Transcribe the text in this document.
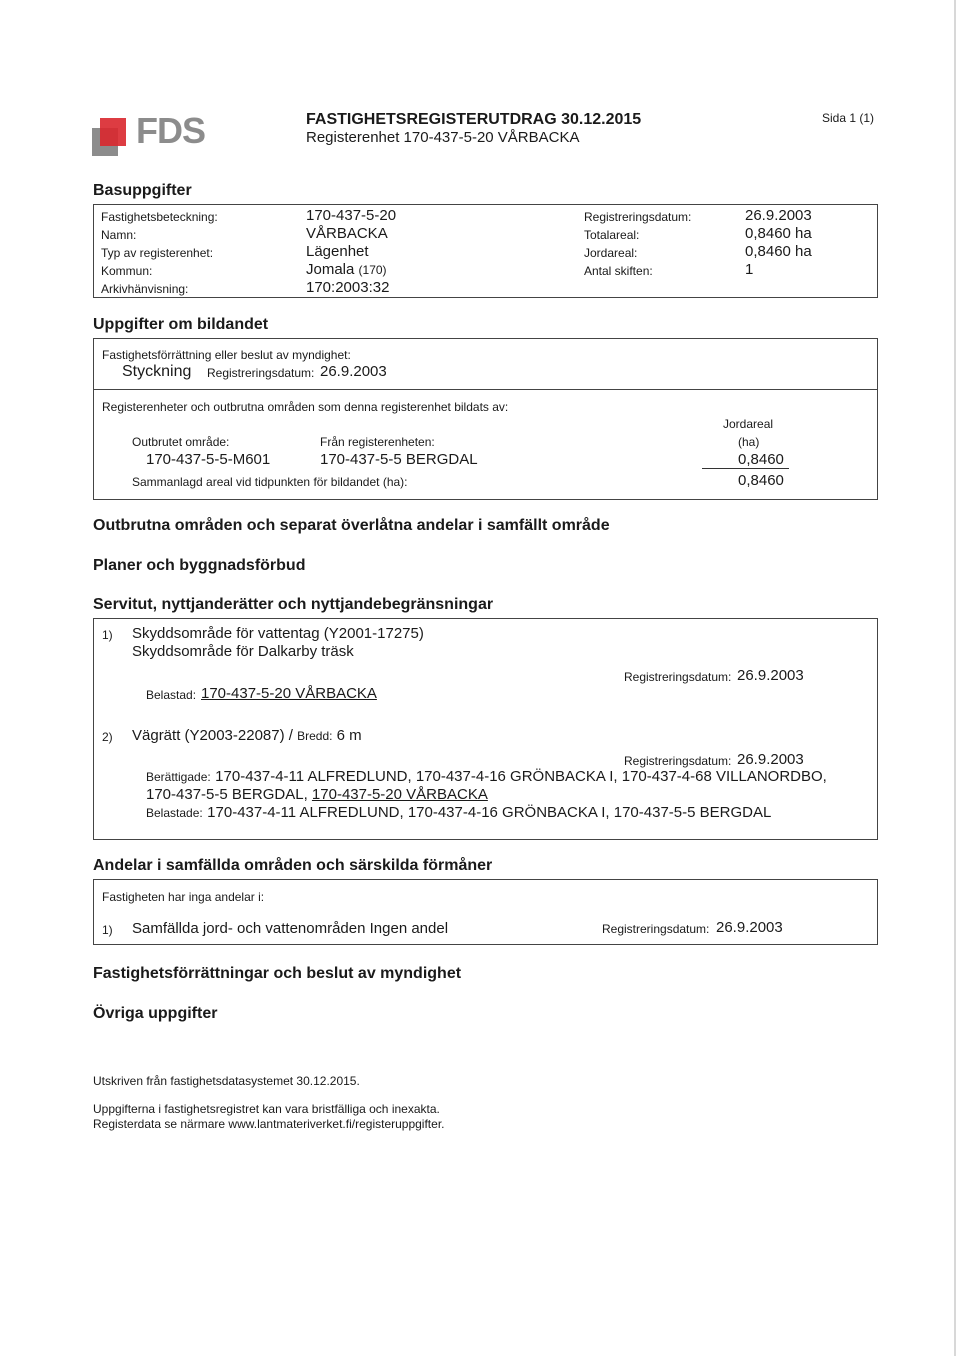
FDS	FASTIGHETSREGISTERUTDRAG 30.12.2015
Registerenhet 170-437-5-20 VÅRBACKA
Sida 1 (1)
Basuppgifter
Fastighetsbeteckning:	170-437-5-20
Namn:	VÅRBACKA
Typ av registerenhet:	Lägenhet
Kommun:	Jomala (170)
Arkivhänvisning:	170:2003:32
Registreringsdatum:	26.9.2003
Totalareal:	0,8460 ha
Jordareal:	0,8460 ha
Antal skiften:	1
Uppgifter om bildandet
Fastighetsförrättning eller beslut av myndighet:
Styckning Registreringsdatum: 26.9.2003
Registerenheter och outbrutna områden som denna registerenhet bildats av:
Jordareal
(ha)
Outbrutet område:	Från registerenheten:
170-437-5-5-M601	170-437-5-5 BERGDAL	0,8460
Sammanlagd areal vid tidpunkten för bildandet (ha):	0,8460
Outbrutna områden och separat överlåtna andelar i samfällt område
Planer och byggnadsförbud
Servitut, nyttjanderätter och nyttjandebegränsningar
1) Skyddsområde för vattentag (Y2001-17275)
Skyddsområde för Dalkarby träsk
Registreringsdatum: 26.9.2003
Belastad: 170-437-5-20 VÅRBACKA
2) Vägrätt (Y2003-22087) / Bredd: 6 m
Registreringsdatum: 26.9.2003
Berättigade: 170-437-4-11 ALFREDLUND, 170-437-4-16 GRÖNBACKA I, 170-437-4-68 VILLANORDBO,
170-437-5-5 BERGDAL, 170-437-5-20 VÅRBACKA
Belastade: 170-437-4-11 ALFREDLUND, 170-437-4-16 GRÖNBACKA I, 170-437-5-5 BERGDAL
Andelar i samfällda områden och särskilda förmåner
Fastigheten har inga andelar i:
1) Samfällda jord- och vattenområden Ingen andel	Registreringsdatum: 26.9.2003
Fastighetsförrättningar och beslut av myndighet
Övriga uppgifter
Utskriven från fastighetsdatasystemet 30.12.2015.
Uppgifterna i fastighetsregistret kan vara bristfälliga och inexakta.
Registerdata se närmare www.lantmateriverket.fi/registeruppgifter.
